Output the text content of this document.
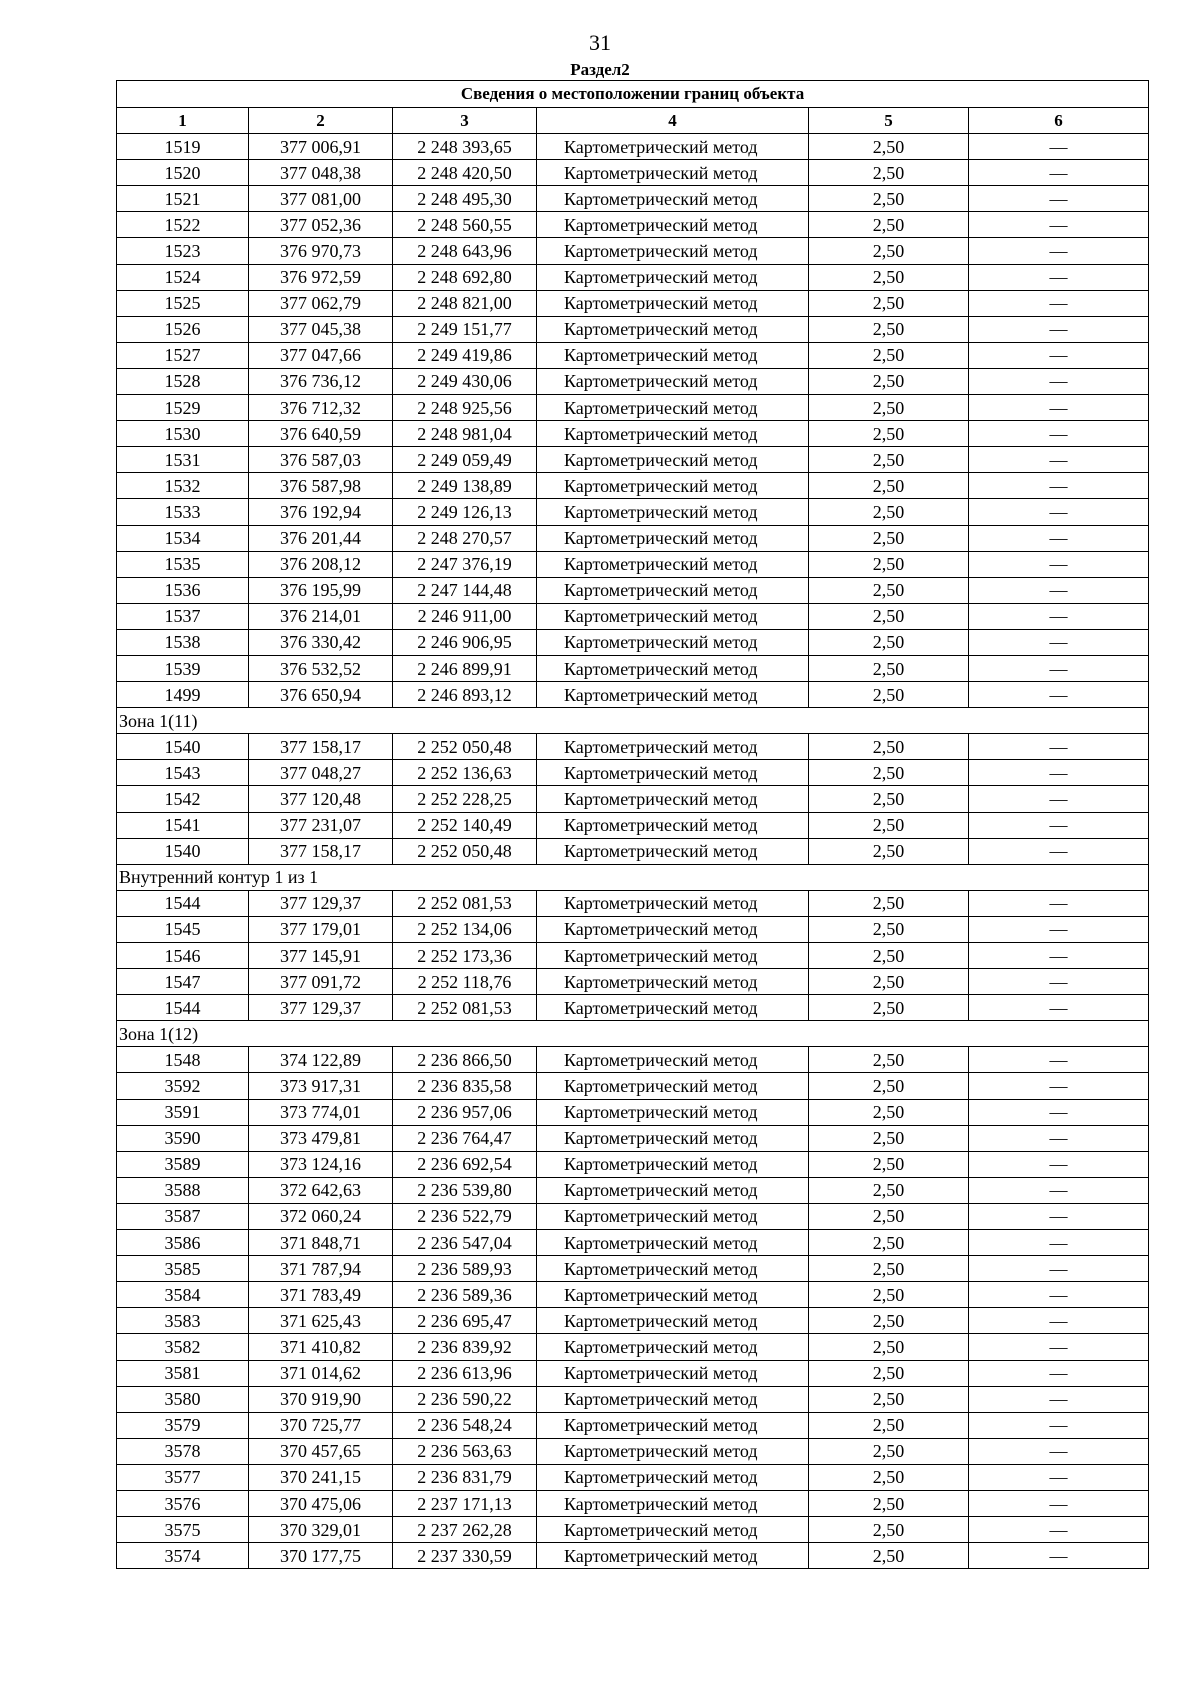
31
Раздел2
Сведения о местоположении границ объекта					
1	2	3	4	5	6
1519	377 006,91	2 248 393,65	Картометрический метод	2,50	—
1520	377 048,38	2 248 420,50	Картометрический метод	2,50	—
1521	377 081,00	2 248 495,30	Картометрический метод	2,50	—
1522	377 052,36	2 248 560,55	Картометрический метод	2,50	—
1523	376 970,73	2 248 643,96	Картометрический метод	2,50	—
1524	376 972,59	2 248 692,80	Картометрический метод	2,50	—
1525	377 062,79	2 248 821,00	Картометрический метод	2,50	—
1526	377 045,38	2 249 151,77	Картометрический метод	2,50	—
1527	377 047,66	2 249 419,86	Картометрический метод	2,50	—
1528	376 736,12	2 249 430,06	Картометрический метод	2,50	—
1529	376 712,32	2 248 925,56	Картометрический метод	2,50	—
1530	376 640,59	2 248 981,04	Картометрический метод	2,50	—
1531	376 587,03	2 249 059,49	Картометрический метод	2,50	—
1532	376 587,98	2 249 138,89	Картометрический метод	2,50	—
1533	376 192,94	2 249 126,13	Картометрический метод	2,50	—
1534	376 201,44	2 248 270,57	Картометрический метод	2,50	—
1535	376 208,12	2 247 376,19	Картометрический метод	2,50	—
1536	376 195,99	2 247 144,48	Картометрический метод	2,50	—
1537	376 214,01	2 246 911,00	Картометрический метод	2,50	—
1538	376 330,42	2 246 906,95	Картометрический метод	2,50	—
1539	376 532,52	2 246 899,91	Картометрический метод	2,50	—
1499	376 650,94	2 246 893,12	Картометрический метод	2,50	—
Зона 1(11)					
1540	377 158,17	2 252 050,48	Картометрический метод	2,50	—
1543	377 048,27	2 252 136,63	Картометрический метод	2,50	—
1542	377 120,48	2 252 228,25	Картометрический метод	2,50	—
1541	377 231,07	2 252 140,49	Картометрический метод	2,50	—
1540	377 158,17	2 252 050,48	Картометрический метод	2,50	—
Внутренний контур 1 из 1					
1544	377 129,37	2 252 081,53	Картометрический метод	2,50	—
1545	377 179,01	2 252 134,06	Картометрический метод	2,50	—
1546	377 145,91	2 252 173,36	Картометрический метод	2,50	—
1547	377 091,72	2 252 118,76	Картометрический метод	2,50	—
1544	377 129,37	2 252 081,53	Картометрический метод	2,50	—
Зона 1(12)					
1548	374 122,89	2 236 866,50	Картометрический метод	2,50	—
3592	373 917,31	2 236 835,58	Картометрический метод	2,50	—
3591	373 774,01	2 236 957,06	Картометрический метод	2,50	—
3590	373 479,81	2 236 764,47	Картометрический метод	2,50	—
3589	373 124,16	2 236 692,54	Картометрический метод	2,50	—
3588	372 642,63	2 236 539,80	Картометрический метод	2,50	—
3587	372 060,24	2 236 522,79	Картометрический метод	2,50	—
3586	371 848,71	2 236 547,04	Картометрический метод	2,50	—
3585	371 787,94	2 236 589,93	Картометрический метод	2,50	—
3584	371 783,49	2 236 589,36	Картометрический метод	2,50	—
3583	371 625,43	2 236 695,47	Картометрический метод	2,50	—
3582	371 410,82	2 236 839,92	Картометрический метод	2,50	—
3581	371 014,62	2 236 613,96	Картометрический метод	2,50	—
3580	370 919,90	2 236 590,22	Картометрический метод	2,50	—
3579	370 725,77	2 236 548,24	Картометрический метод	2,50	—
3578	370 457,65	2 236 563,63	Картометрический метод	2,50	—
3577	370 241,15	2 236 831,79	Картометрический метод	2,50	—
3576	370 475,06	2 237 171,13	Картометрический метод	2,50	—
3575	370 329,01	2 237 262,28	Картометрический метод	2,50	—
3574	370 177,75	2 237 330,59	Картометрический метод	2,50	—
